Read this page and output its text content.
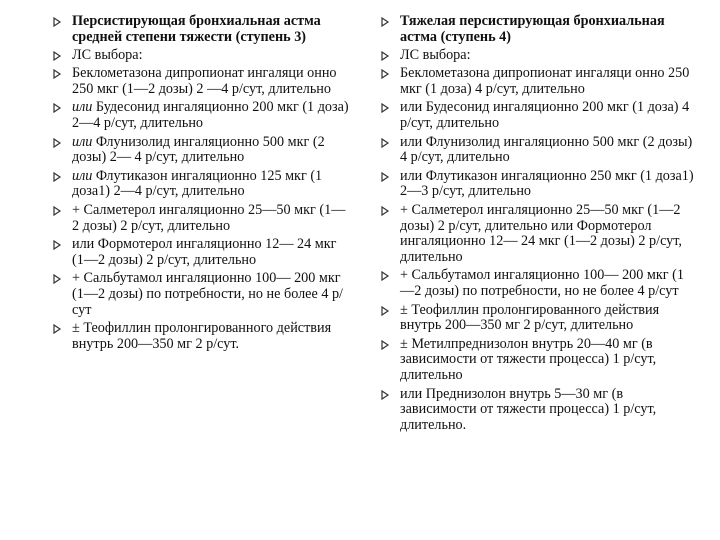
Персистирующая бронхиальная астма средней степени тяжести (ступень 3)
ЛС выбора:
Беклометазона дипропионат ингаляци онно 250 мкг (1—2 дозы) 2 —4 р/сут, длительно
или Будесонид ингаляционно 200 мкг (1 доза) 2—4 р/сут, длительно
или Флунизолид ингаляционно 500 мкг (2 дозы) 2— 4 р/сут, длительно
или Флутиказон ингаляционно 125 мкг (1 доза1) 2—4 р/сут, длительно
+ Салметерол ингаляционно 25—50 мкг (1—2 дозы) 2 р/сут, длительно
или Формотерол ингаляционно 12— 24 мкг (1—2 дозы) 2 р/сут, длительно
+ Сальбутамол ингаляционно 100— 200 мкг (1—2 дозы) по потребности, но не более 4 р/сут
± Теофиллин пролонгированного действия внутрь 200—350 мг 2 р/сут.
Тяжелая персистирующая бронхиальная астма (ступень 4)
ЛС выбора:
Беклометазона дипропионат ингаляци онно 250 мкг (1 доза) 4 р/сут, длительно
или Будесонид ингаляционно 200 мкг (1 доза) 4 р/сут, длительно
или Флунизолид ингаляционно 500 мкг (2 дозы) 4 р/сут, длительно
или Флутиказон ингаляционно 250 мкг (1 доза1) 2—3 р/сут, длительно
+ Салметерол ингаляционно 25—50 мкг (1—2 дозы) 2 р/сут, длительно или Формотерол ингаляционно 12— 24 мкг (1—2 дозы) 2 р/сут, длительно
+ Сальбутамол ингаляционно 100— 200 мкг (1—2 дозы) по потребности, но не более 4 р/сут
± Теофиллин пролонгированного действия внутрь 200—350 мг 2 р/сут, длительно
± Метилпреднизолон внутрь 20—40 мг (в зависимости от тяжести процесса) 1 р/сут, длительно
или Преднизолон внутрь 5—30 мг (в зависимости от тяжести процесса) 1 р/сут, длительно.
